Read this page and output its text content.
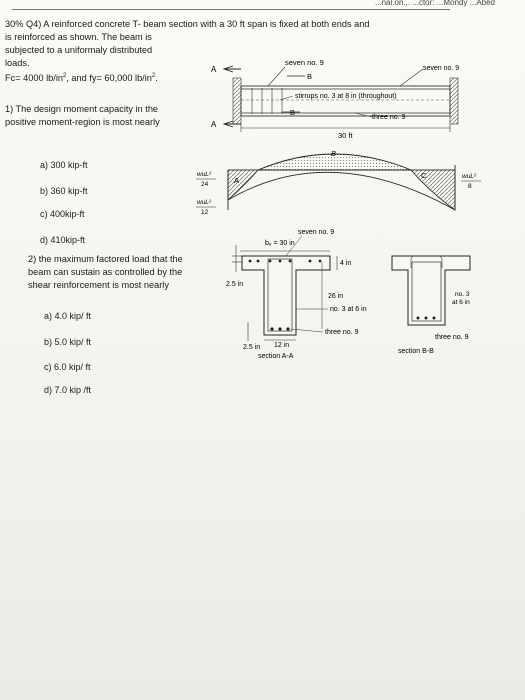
...nal.on... ...ctor: ...Mondy ...Abed

30% Q4) A reinforced concrete T- beam section with a 30 ft span is fixed at both ends and

is reinforced as shown. The beam is

subjected to a uniformaly distributed

loads.

Fc= 4000 $lb/in^2$, and fy= 60,000 $lb/in^2$.

1) The design moment capacity in the

positive moment-region is most nearly

a) 300 kip-ft
b) 360 kip-ft
c) 400kip-ft
d) 410kip-ft

2) the maximum factored load that the

beam can sustain as controlled by the

shear reinforcement is most nearly

a) 4.0 kip/ ft
b) 5.0 kip/ ft
c) 6.0 kip/ ft
d) 7.0 kip /ft
A
A
B
B
seven no. 9
seven no. 9
stirrups no. 3 at 8 in (throughout)
three no. 9
30 ft
A
B
C
wuL²
24
wuL²
12
wuL²
8
seven no. 9
bₑ = 30 in
2.5 in
4 in
26 in
no. 3 at 6 in
three no. 9
2.5 in 12 in
section A-A
no. 3
at 6 in
three no. 9
section B-B
